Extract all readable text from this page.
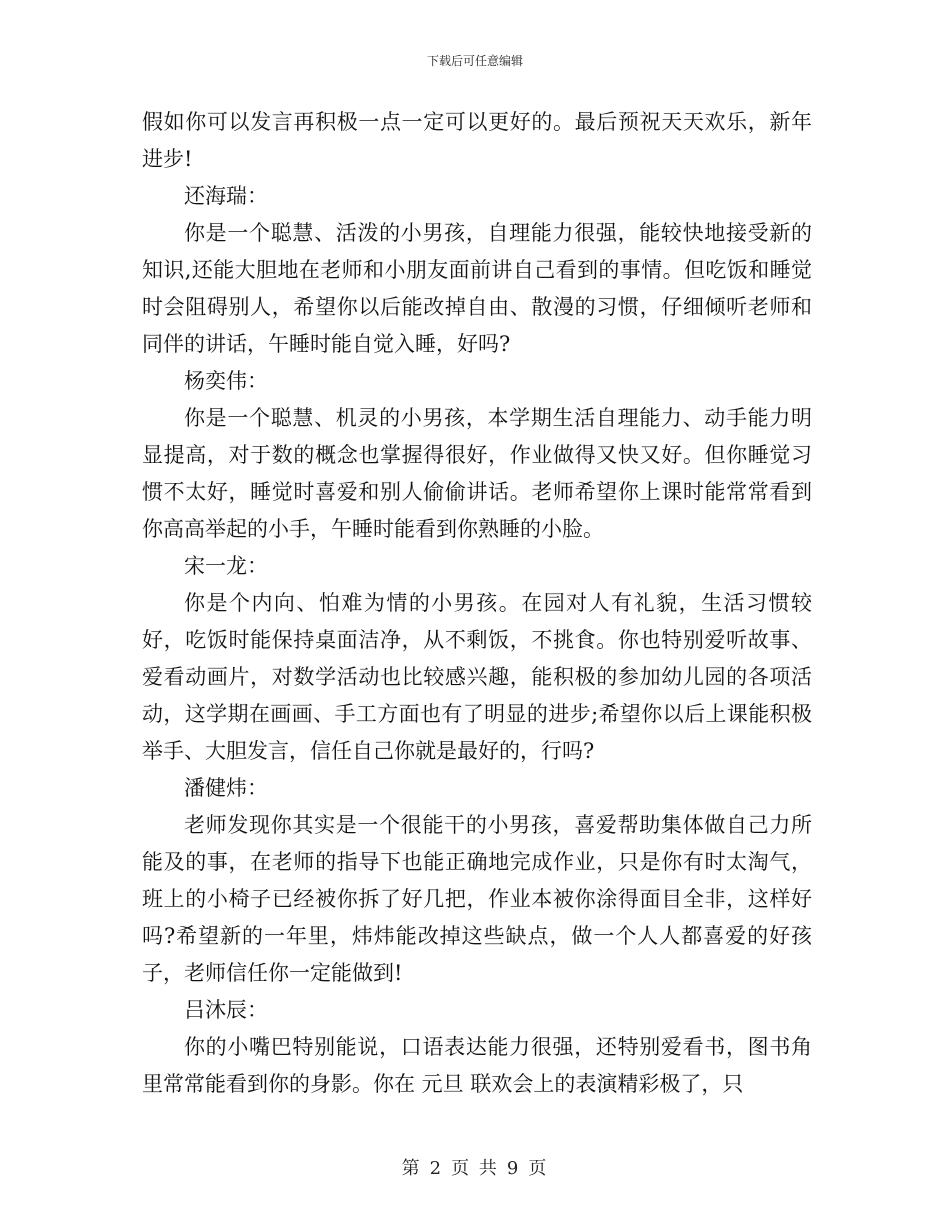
下载后可任意编辑

假如你可以发言再积极一点一定可以更好的。最后预祝天天欢乐，新年进步!

还海瑞：

你是一个聪慧、活泼的小男孩，自理能力很强，能较快地接受新的知识,还能大胆地在老师和小朋友面前讲自己看到的事情。但吃饭和睡觉时会阻碍别人，希望你以后能改掉自由、散漫的习惯，仔细倾听老师和同伴的讲话，午睡时能自觉入睡，好吗?

杨奕伟：

你是一个聪慧、机灵的小男孩，本学期生活自理能力、动手能力明显提高，对于数的概念也掌握得很好，作业做得又快又好。但你睡觉习惯不太好，睡觉时喜爱和别人偷偷讲话。老师希望你上课时能常常看到你高高举起的小手，午睡时能看到你熟睡的小脸。

宋一龙：

你是个内向、怕难为情的小男孩。在园对人有礼貌，生活习惯较好，吃饭时能保持桌面洁净，从不剩饭，不挑食。你也特别爱听故事、爱看动画片，对数学活动也比较感兴趣，能积极的参加幼儿园的各项活动，这学期在画画、手工方面也有了明显的进步;希望你以后上课能积极举手、大胆发言，信任自己你就是最好的，行吗?

潘健炜：

老师发现你其实是一个很能干的小男孩，喜爱帮助集体做自己力所能及的事，在老师的指导下也能正确地完成作业，只是你有时太淘气，班上的小椅子已经被你拆了好几把，作业本被你涂得面目全非，这样好吗?希望新的一年里，炜炜能改掉这些缺点，做一个人人都喜爱的好孩子，老师信任你一定能做到!

吕沐辰：

你的小嘴巴特别能说，口语表达能力很强，还特别爱看书，图书角里常常能看到你的身影。你在 元旦 联欢会上的表演精彩极了，只

第 2 页 共 9 页
